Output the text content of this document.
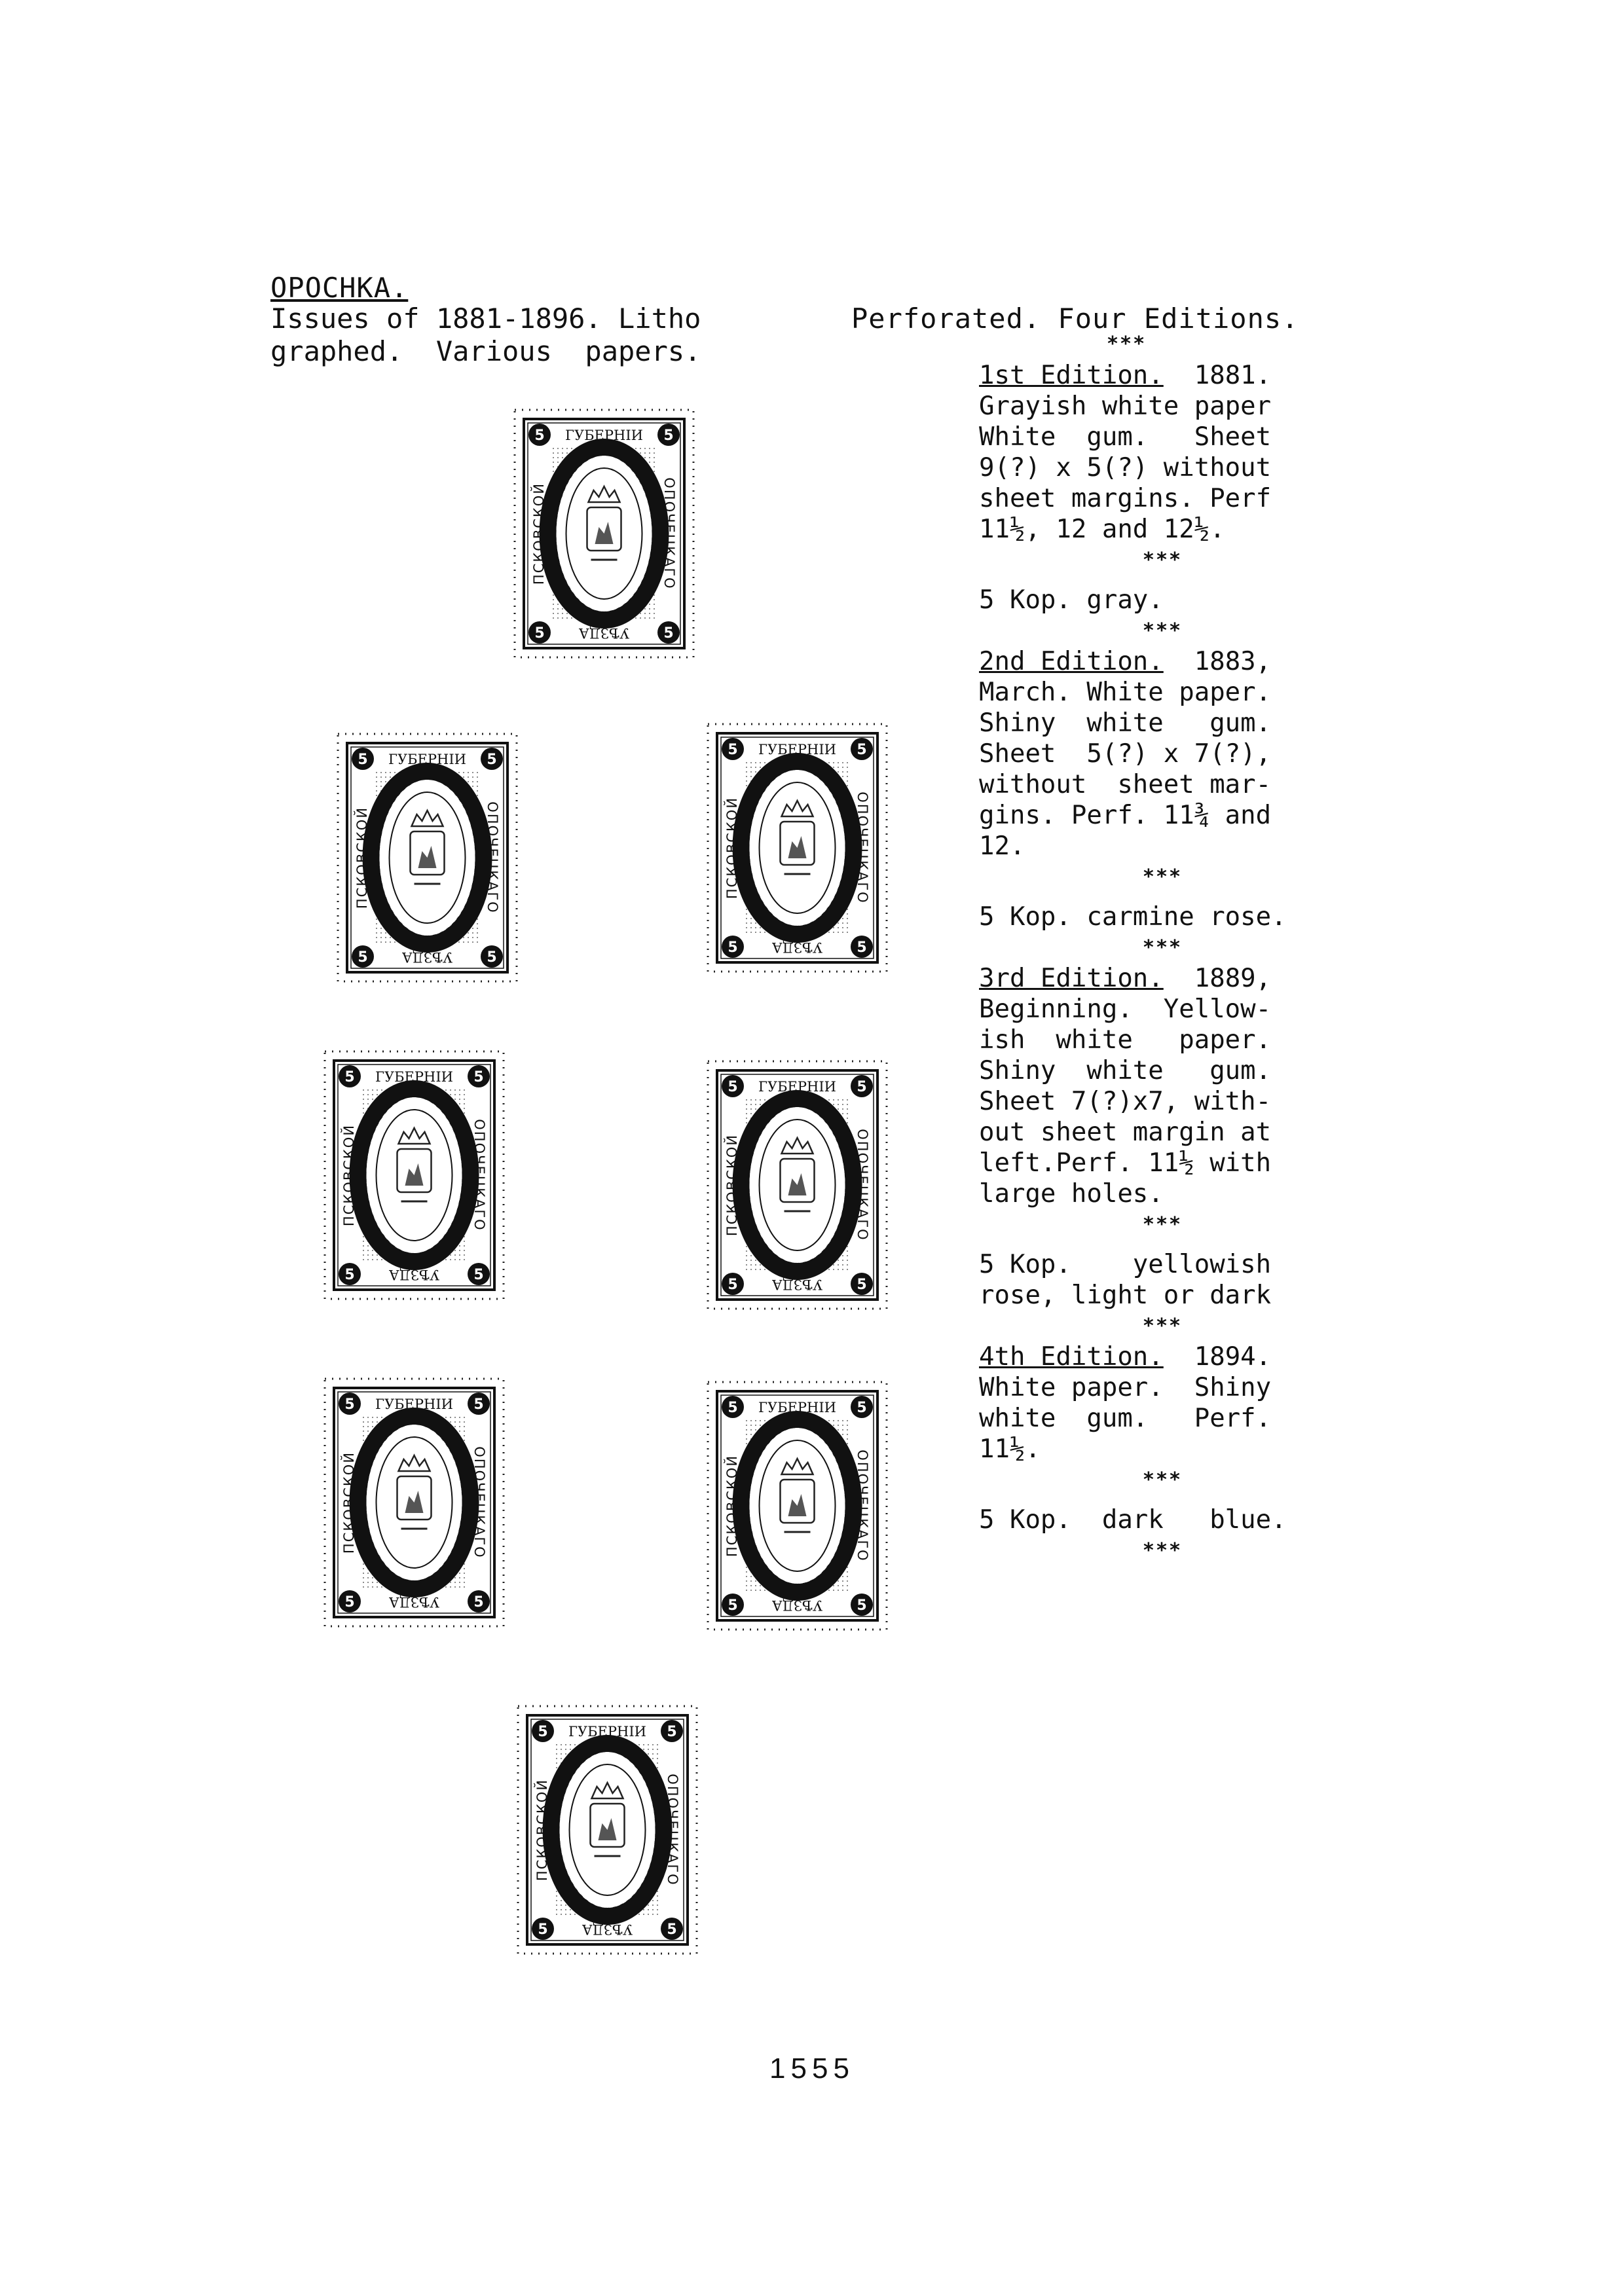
OPOCHKA.
Issues of 1881-1896. Litho
graphed.  Various  papers.
Perforated. Four Editions.
***
1st Edition. 1881.
Grayish white paper
White  gum.   Sheet
9(?) x 5(?) without
sheet margins. Perf
11½, 12 and 12½.
***
5 Kop. gray.
***
2nd Edition. 1883,
March. White paper.
Shiny  white   gum.
Sheet  5(?) x 7(?),
without  sheet mar-
gins. Perf. 11¾ and
12.
***
5 Kop. carmine rose.
***
3rd Edition. 1889,
Beginning.  Yellow-
ish  white   paper.
Shiny  white   gum.
Sheet 7(?)x7, with-
out sheet margin at
left.Perf. 11½ with
large holes.
***
5 Kop.    yellowish
rose, light or dark
***
4th Edition. 1894.
White paper.  Shiny
white  gum.   Perf.
11½.
***
5 Kop.  dark   blue.
***
5	5
5	5
ГУБЕРНІИ
УѢЗДА
ПСКОВСКОЙ	ОПОЧЕЦКАГО
5	5
5	5
ГУБЕРНІИ
УѢЗДА
ПСКОВСКОЙ	ОПОЧЕЦКАГО
5	5
5	5
ГУБЕРНІИ
УѢЗДА
ПСКОВСКОЙ	ОПОЧЕЦКАГО
5	5
5	5
ГУБЕРНІИ
УѢЗДА
ПСКОВСКОЙ	ОПОЧЕЦКАГО
5	5
5	5
ГУБЕРНІИ
УѢЗДА
ПСКОВСКОЙ	ОПОЧЕЦКАГО
5	5
5	5
ГУБЕРНІИ
УѢЗДА
ПСКОВСКОЙ	ОПОЧЕЦКАГО
5	5
5	5
ГУБЕРНІИ
УѢЗДА
ПСКОВСКОЙ	ОПОЧЕЦКАГО
5	5
5	5
ГУБЕРНІИ
УѢЗДА
ПСКОВСКОЙ	ОПОЧЕЦКАГО
1555
